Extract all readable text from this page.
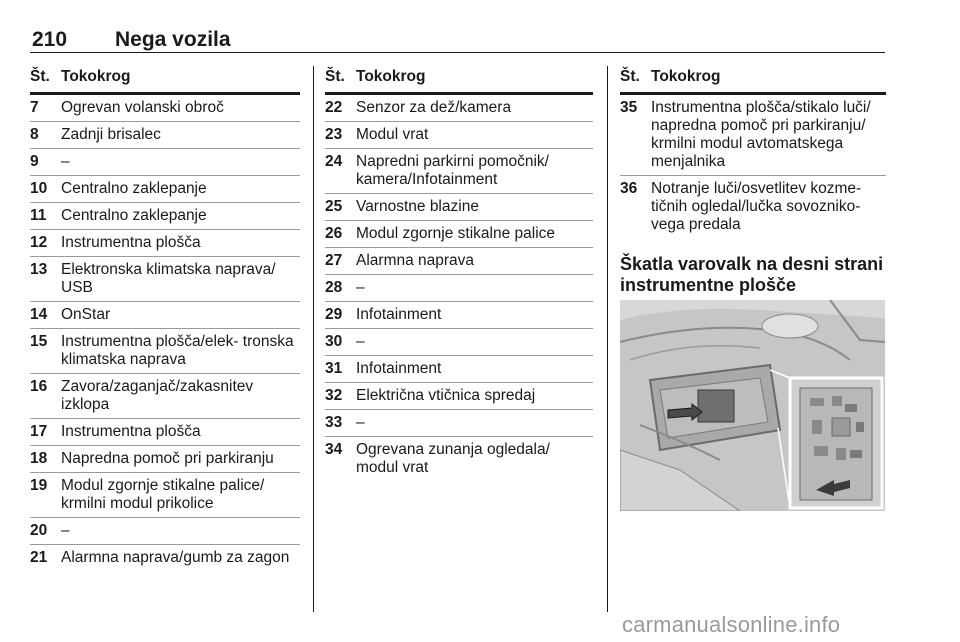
210 Nega vozila
Št. Tokokrog
7 Ogrevan volanski obroč
8 Zadnji brisalec
9 –
10 Centralno zaklepanje
11 Centralno zaklepanje
12 Instrumentna plošča
13 Elektronska klimatska naprava/ USB
14 OnStar
15 Instrumentna plošča/elek- tronska klimatska naprava
16 Zavora/zaganjač/zakasnitev izklopa
17 Instrumentna plošča
18 Napredna pomoč pri parkiranju
19 Modul zgornje stikalne palice/ krmilni modul prikolice
20 –
21 Alarmna naprava/gumb za zagon
Št. Tokokrog
22 Senzor za dež/kamera
23 Modul vrat
24 Napredni parkirni pomočnik/ kamera/Infotainment
25 Varnostne blazine
26 Modul zgornje stikalne palice
27 Alarmna naprava
28 –
29 Infotainment
30 –
31 Infotainment
32 Električna vtičnica spredaj
33 –
34 Ogrevana zunanja ogledala/ modul vrat
Št. Tokokrog
35 Instrumentna plošča/stikalo luči/ napredna pomoč pri parkiranju/ krmilni modul avtomatskega menjalnika
36 Notranje luči/osvetlitev kozme- tičnih ogledal/lučka sovozniko- vega predala
Škatla varovalk na desni strani instrumentne plošče
carmanualsonline.info
